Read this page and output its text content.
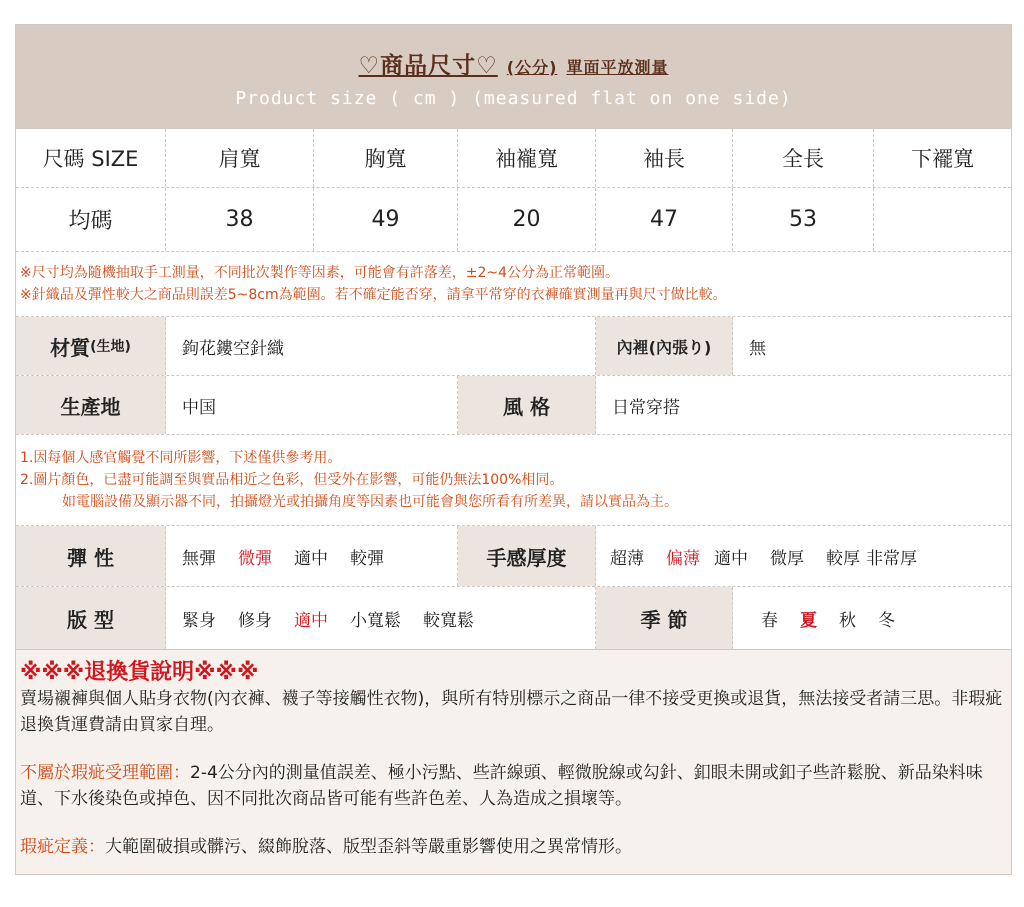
♡商品尺寸♡ (公分) 單面平放測量
Product size ( cm ) (measured flat on one side)
尺碼 SIZE	肩寬	胸寬	袖襱寬	袖長	全長	下襬寬
均碼	38	49	20	47	53
※尺寸均為隨機抽取手工測量，不同批次製作等因素，可能會有許落差，±2~4公分為正常範圍。
※針織品及彈性較大之商品則誤差5~8cm為範圍。若不確定能否穿，請拿平常穿的衣褲確實測量再與尺寸做比較。
材質 (生地)	鉤花鏤空針織	內裡(內張り)	無
生產地	中国	風 格	日常穿搭
1.因每個人感官觸覺不同所影響，下述僅供參考用。
2.圖片顏色，已盡可能調至與實品相近之色彩，但受外在影響，可能仍無法100%相同。
如電腦設備及顯示器不同，拍攝燈光或拍攝角度等因素也可能會與您所看有所差異，請以實品為主。
彈 性	無彈 微彈 適中 較彈	手感厚度	超薄 偏薄 適中 微厚 較厚 非常厚
版 型	緊身 修身 適中 小寬鬆 較寬鬆	季 節	春 夏 秋 冬
※※※退換貨說明※※※
賣場襯褲與個人貼身衣物(內衣褲、襪子等接觸性衣物)，與所有特別標示之商品一律不接受更換或退貨，無法接受者請三思。非瑕疵退換貨運費請由買家自理。
不屬於瑕疵受理範圍：2-4公分內的測量值誤差、極小污點、些許線頭、輕微脫線或勾針、釦眼未開或釦子些許鬆脫、新品染料味道、下水後染色或掉色、因不同批次商品皆可能有些許色差、人為造成之損壞等。
瑕疵定義：大範圍破損或髒污、綴飾脫落、版型歪斜等嚴重影響使用之異常情形。
